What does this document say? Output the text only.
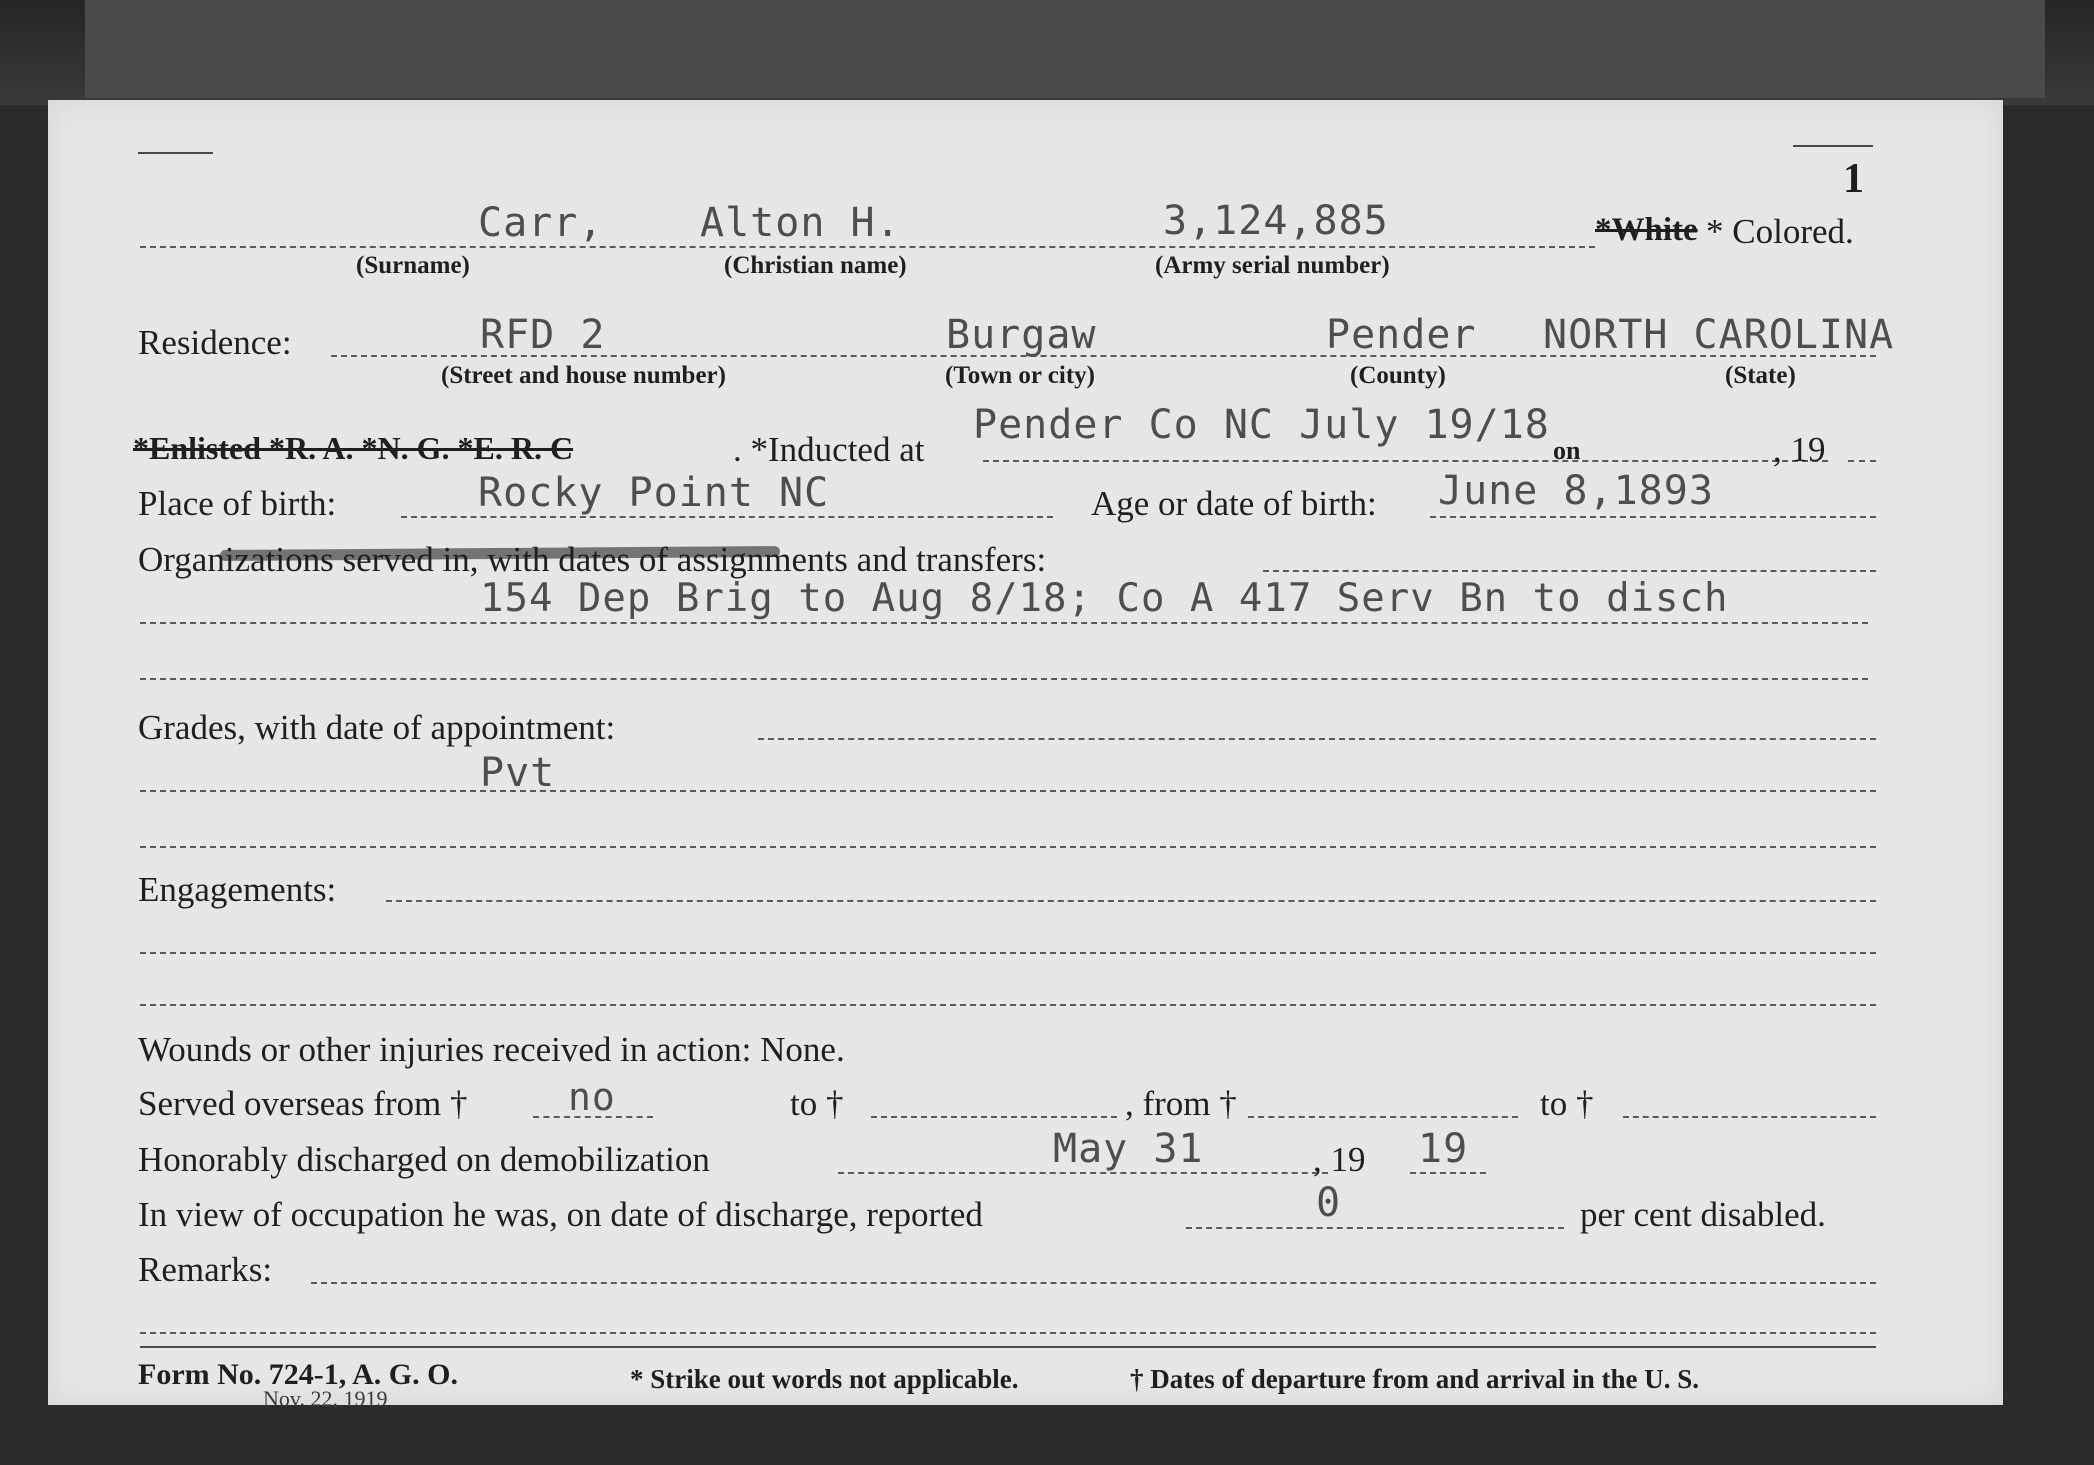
1
Carr, Alton H.	3,124,885	*White * Colored.
(Surname)	(Christian name)	(Army serial number)
Residence:	RFD 2	Burgaw	Pender NORTH CAROLINA
(Street and house number)	(Town or city)	(County)	(State)
*Enlisted *R. A. *N. G. *E. R. C	. *Inducted at
Pender Co NC July 19/18
on	, 19
Place of birth:	Rocky Point NC	Age or date of birth: June 8,1893
Organizations served in, with dates of assignments and transfers:
154 Dep Brig to Aug 8/18; Co A 417 Serv Bn to disch
Grades, with date of appointment:
Pvt
Engagements:
Wounds or other injuries received in action: None.
Served overseas from †	no	to †	, from †	to †
Honorably discharged on demobilization	May 31	, 19 19
In view of occupation he was, on date of discharge, reported	0	per cent disabled.
Remarks:
Form No. 724-1, A. G. O.
Nov. 22, 1919
* Strike out words not applicable.	† Dates of departure from and arrival in the U. S.
